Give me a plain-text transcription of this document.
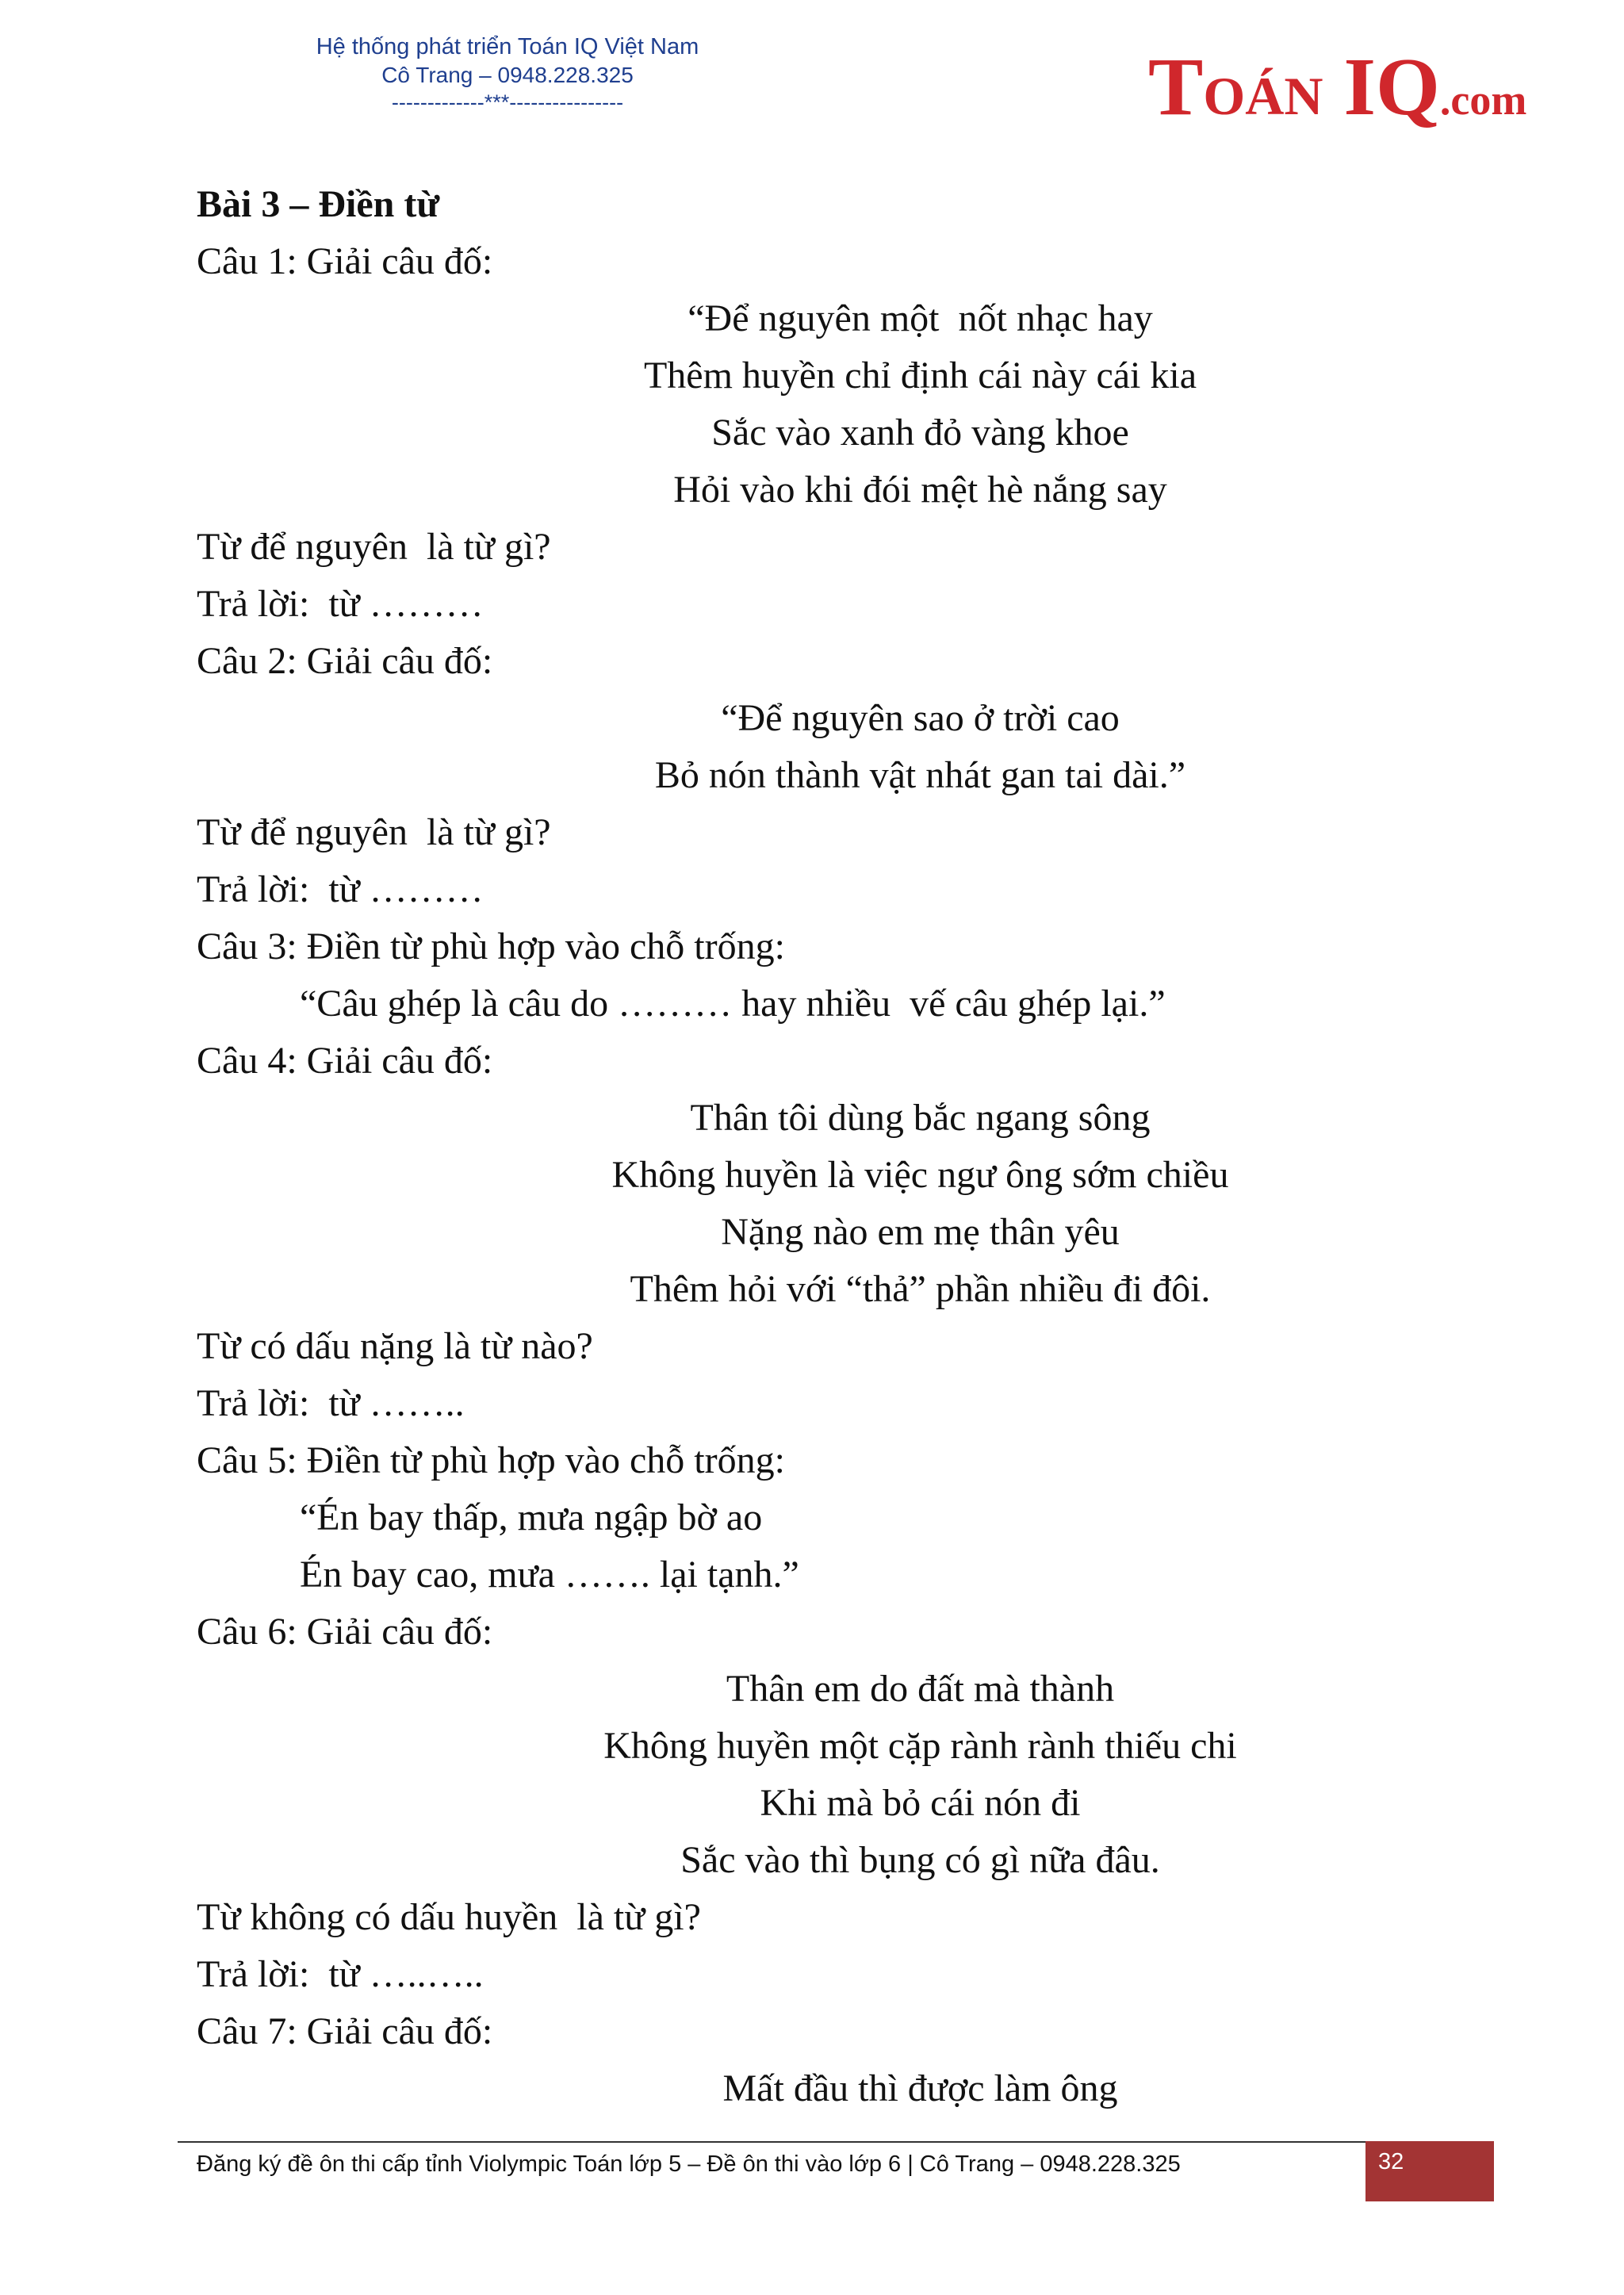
Hệ thống phát triển Toán IQ Việt Nam
Cô Trang – 0948.228.325
-------------***----------------	TOÁN IQ.com
Bài 3 – Điền từ
Câu 1: Giải câu đố:
“Để nguyên một  nốt nhạc hay
Thêm huyền chỉ định cái này cái kia
Sắc vào xanh đỏ vàng khoe
Hỏi vào khi đói mệt hè nắng say
Từ để nguyên  là từ gì?
Trả lời:  từ ………
Câu 2: Giải câu đố:
“Để nguyên sao ở trời cao
Bỏ nón thành vật nhát gan tai dài.”
Từ để nguyên  là từ gì?
Trả lời:  từ ………
Câu 3: Điền từ phù hợp vào chỗ trống:
“Câu ghép là câu do ……… hay nhiều  vế câu ghép lại.”
Câu 4: Giải câu đố:
Thân tôi dùng bắc ngang sông
Không huyền là việc ngư ông sớm chiều
Nặng nào em mẹ thân yêu
Thêm hỏi với “thả” phần nhiều đi đôi.
Từ có dấu nặng là từ nào?
Trả lời:  từ ……..
Câu 5: Điền từ phù hợp vào chỗ trống:
“Én bay thấp, mưa ngập bờ ao
Én bay cao, mưa ……. lại tạnh.”
Câu 6: Giải câu đố:
Thân em do đất mà thành
Không huyền một cặp rành rành thiếu chi
Khi mà bỏ cái nón đi
Sắc vào thì bụng có gì nữa đâu.
Từ không có dấu huyền  là từ gì?
Trả lời:  từ …..…..
Câu 7: Giải câu đố:
Mất đầu thì được làm ông
Đăng ký đề ôn thi cấp tỉnh Violympic Toán lớp 5 – Đề ôn thi vào lớp 6 | Cô Trang – 0948.228.325	32
